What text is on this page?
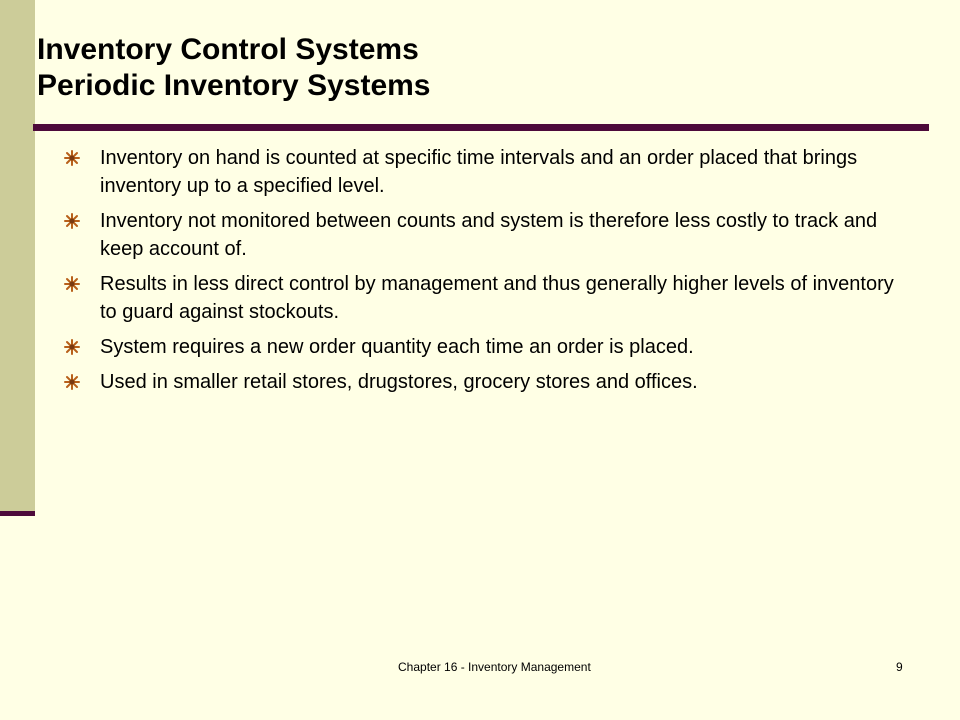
Inventory Control Systems
Periodic Inventory Systems
Inventory on hand is counted at specific time intervals and an order placed that brings inventory up to a specified level.
Inventory not monitored between counts and system is therefore less costly to track and keep account of.
Results in less direct control by management and thus generally higher levels of inventory to guard against stockouts.
System requires a new order quantity each time an order is placed.
Used in smaller retail stores, drugstores, grocery stores and offices.
Chapter 16 - Inventory Management	9
